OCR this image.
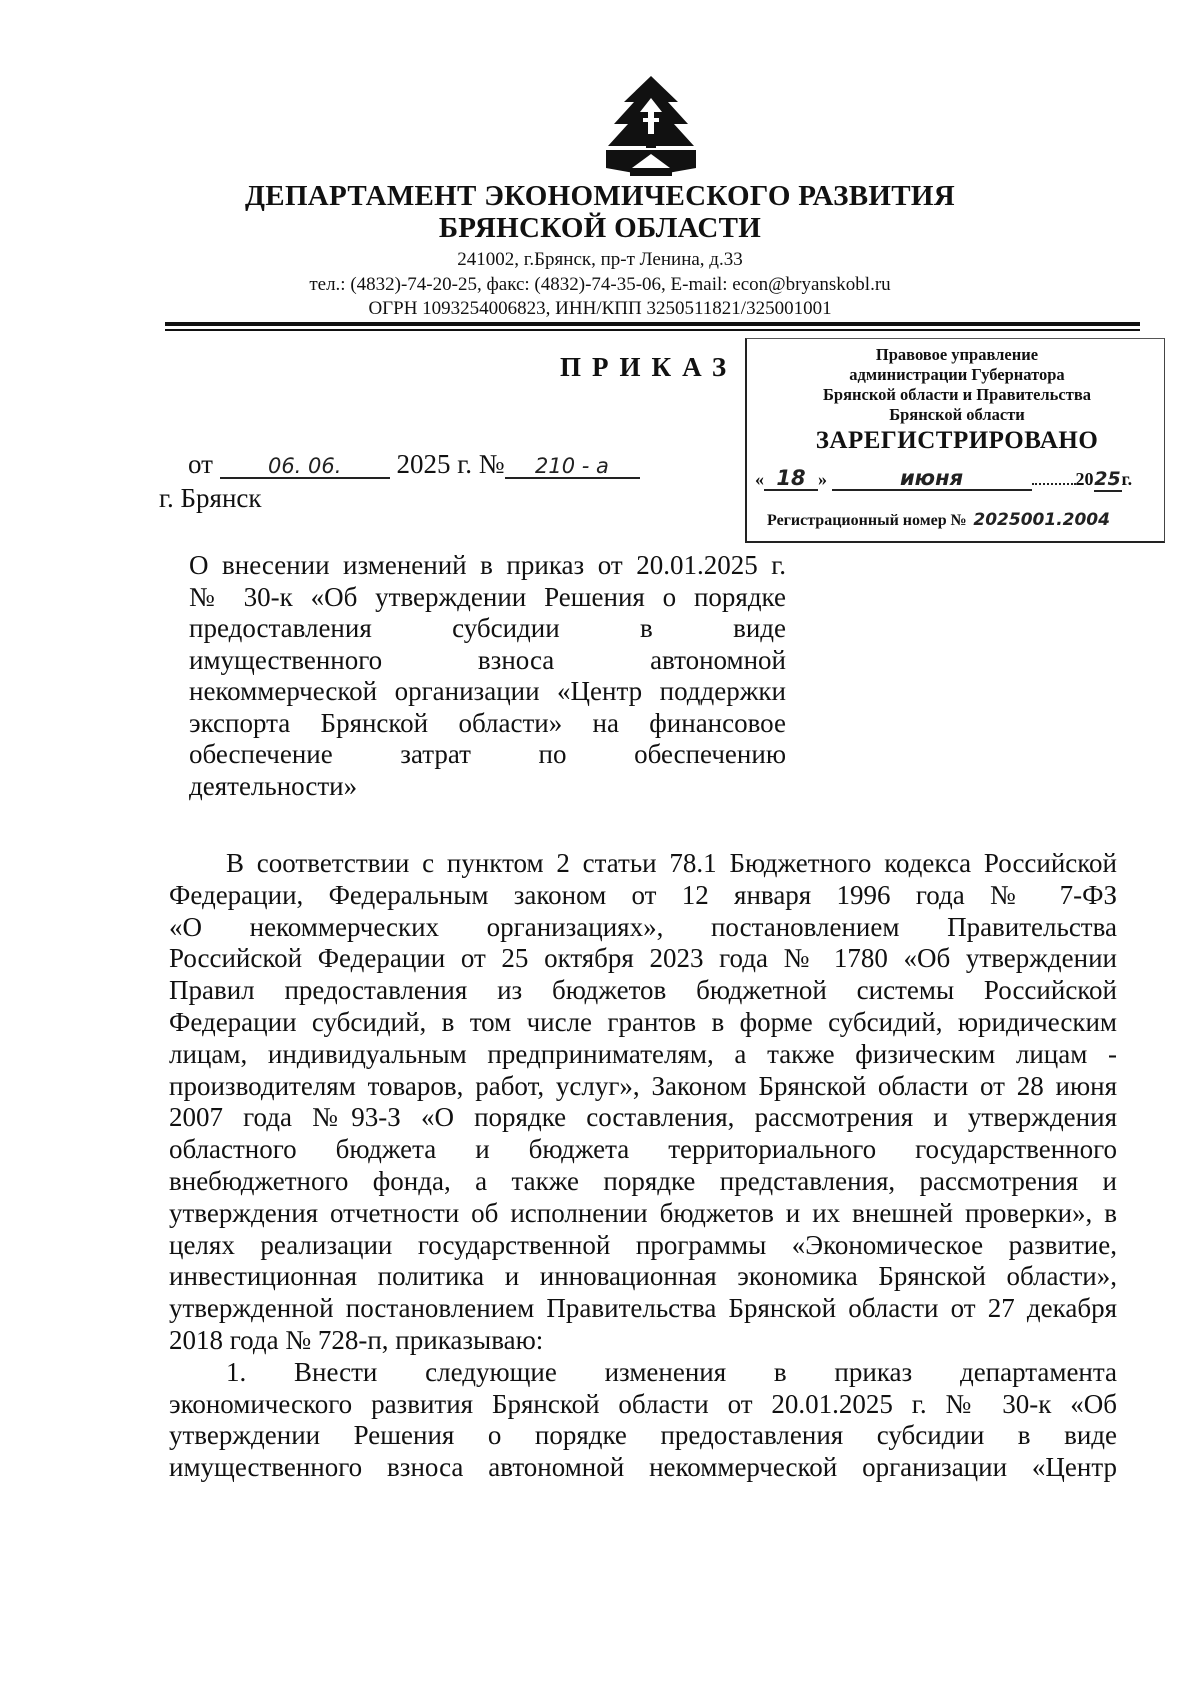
ДЕПАРТАМЕНТ ЭКОНОМИЧЕСКОГО РАЗВИТИЯ
БРЯНСКОЙ ОБЛАСТИ
241002, г.Брянск, пр-т Ленина, д.33
тел.: (4832)-74-20-25, факс: (4832)-74-35-06, E-mail: econ@bryanskobl.ru
ОГРН 1093254006823, ИНН/КПП 3250511821/325001001
ПРИКАЗ
от	06. 06. 2025 г. № 210 - а
г. Брянск
Правовое управление
администрации Губернатора
Брянской области и Правительства
Брянской области
ЗАРЕГИСТРИРОВАНО
« 18 »	июня	2025г.
Регистрационный номер № 2025001.2004
О внесении изменений в приказ от 20.01.2025 г.
№ 30-к «Об утверждении Решения о порядке
предоставления субсидии в виде
имущественного взноса автономной
некоммерческой организации «Центр поддержки
экспорта Брянской области» на финансовое
обеспечение затрат по обеспечению
деятельности»
В соответствии с пунктом 2 статьи 78.1 Бюджетного кодекса Российской
Федерации, Федеральным законом от 12 января 1996 года № 7-ФЗ
«О некоммерческих организациях», постановлением Правительства
Российской Федерации от 25 октября 2023 года № 1780 «Об утверждении
Правил предоставления из бюджетов бюджетной системы Российской
Федерации субсидий, в том числе грантов в форме субсидий, юридическим
лицам, индивидуальным предпринимателям, а также физическим лицам -
производителям товаров, работ, услуг», Законом Брянской области от 28 июня
2007 года №93-З «О порядке составления, рассмотрения и утверждения
областного бюджета и бюджета территориального государственного
внебюджетного фонда, а также порядке представления, рассмотрения и
утверждения отчетности об исполнении бюджетов и их внешней проверки», в
целях реализации государственной программы «Экономическое развитие,
инвестиционная политика и инновационная экономика Брянской области»,
утвержденной постановлением Правительства Брянской области от 27 декабря
2018 года № 728-п, приказываю:
1. Внести следующие изменения в приказ департамента
экономического развития Брянской области от 20.01.2025 г. № 30-к «Об
утверждении Решения о порядке предоставления субсидии в виде
имущественного взноса автономной некоммерческой организации «Центр
